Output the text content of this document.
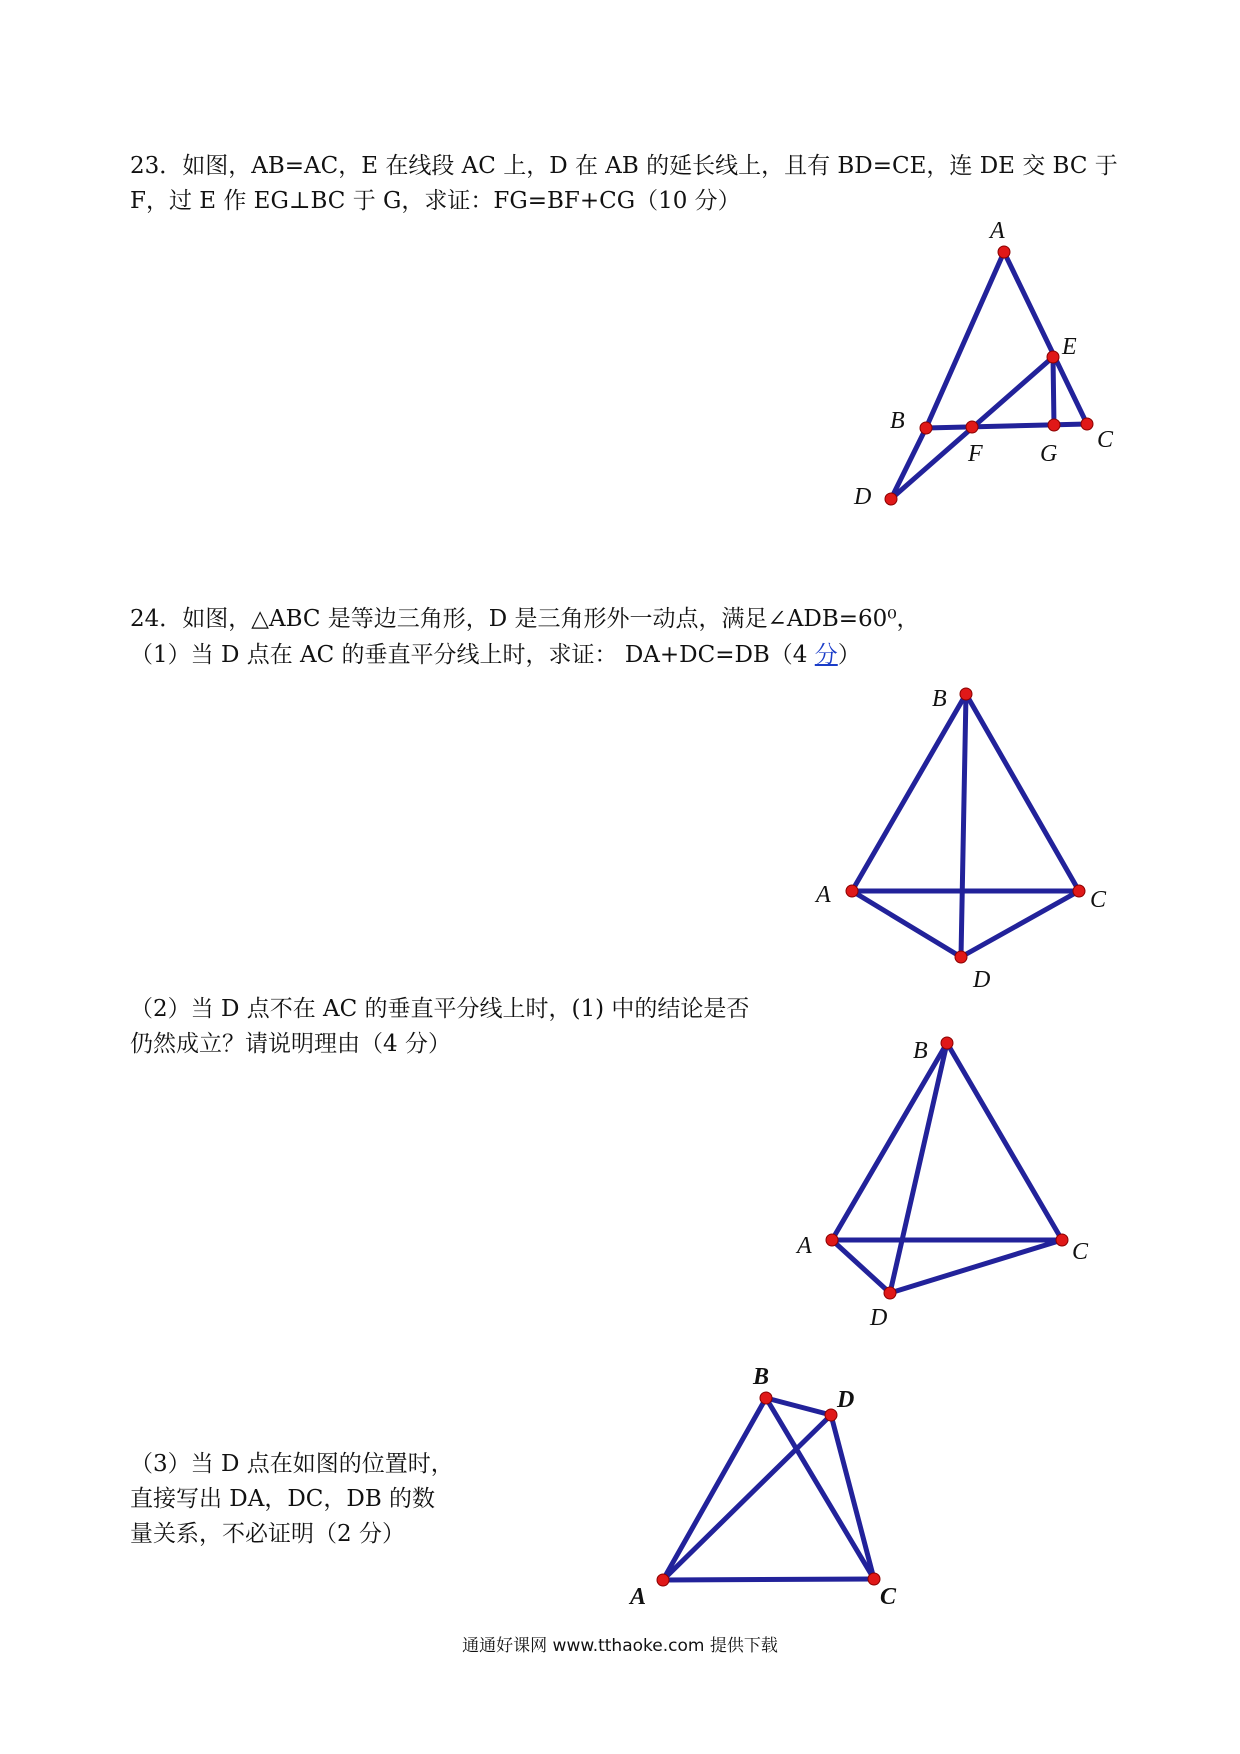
23．如图，AB=AC，E 在线段 AC 上，D 在 AB 的延长线上，且有 BD=CE，连 DE 交 BC 于
F，过 E 作 EG⊥BC 于 G，求证：FG=BF+CG（10 分）
24．如图，△ABC 是等边三角形，D 是三角形外一动点，满足∠ADB=60⁰，
（1）当 D 点在 AC 的垂直平分线上时，求证： DA+DC=DB（4 分）
（2）当 D 点不在 AC 的垂直平分线上时，(1) 中的结论是否
仍然成立？请说明理由（4 分）
（3）当 D 点在如图的位置时，
直接写出 DA，DC，DB 的数
量关系，不必证明（2 分）
通通好课网 www.tthaoke.com 提供下载
A
E
B
F G
C
D
B
A	C
D
B
A	C
D
B
D
A	C
